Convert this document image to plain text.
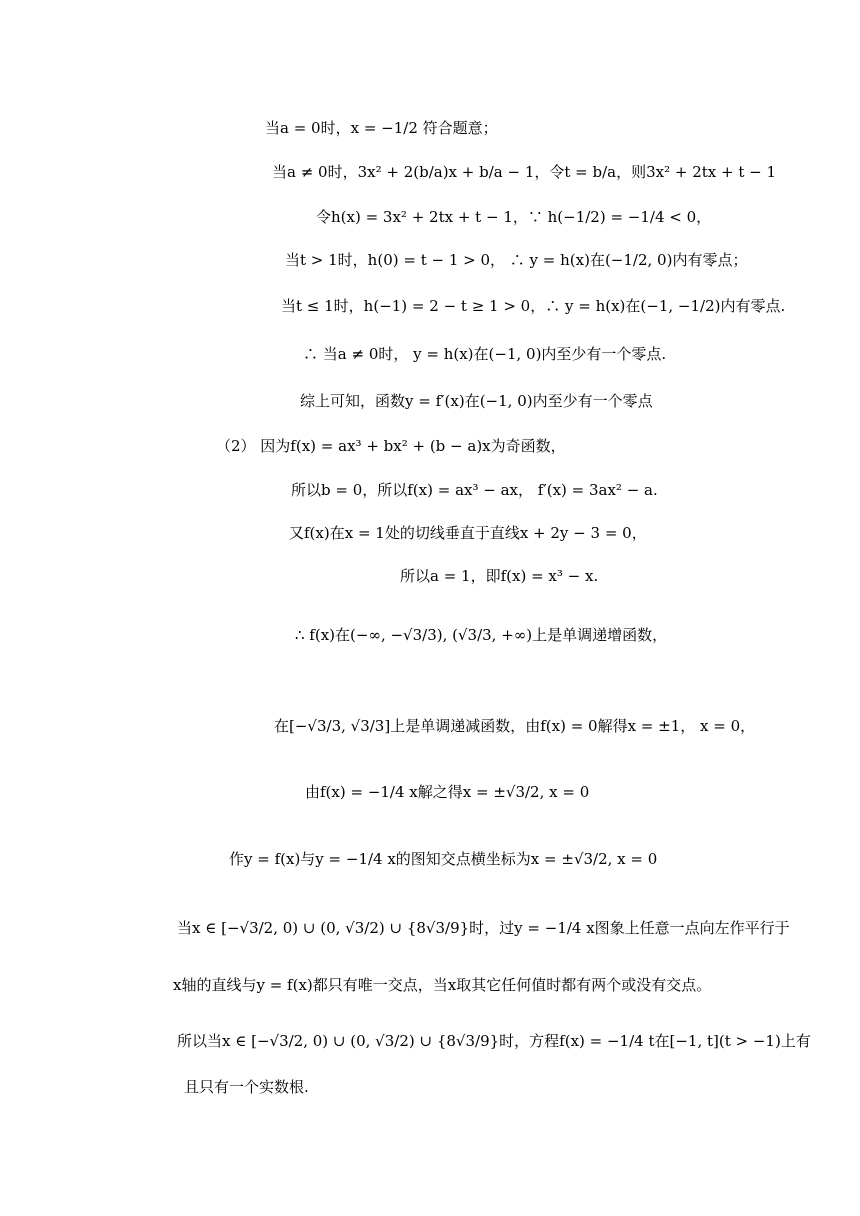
当a = 0时，x = −1/2 符合题意；
当a ≠ 0时，3x² + 2(b/a)x + b/a − 1，令t = b/a，则3x² + 2tx + t − 1
令h(x) = 3x² + 2tx + t − 1，∵ h(−1/2) = −1/4 < 0，
当t > 1时，h(0) = t − 1 > 0， ∴ y = h(x)在(−1/2, 0)内有零点；
当t ≤ 1时，h(−1) = 2 − t ≥ 1 > 0，∴ y = h(x)在(−1, −1/2)内有零点.
∴ 当a ≠ 0时， y = h(x)在(−1, 0)内至少有一个零点.
综上可知，函数y = f′(x)在(−1, 0)内至少有一个零点
（2） 因为f(x) = ax³ + bx² + (b − a)x为奇函数，
所以b = 0，所以f(x) = ax³ − ax， f′(x) = 3ax² − a.
又f(x)在x = 1处的切线垂直于直线x + 2y − 3 = 0，
所以a = 1，即f(x) = x³ − x.
∴ f(x)在(−∞, −√3/3), (√3/3, +∞)上是单调递增函数，
在[−√3/3, √3/3]上是单调递减函数，由f(x) = 0解得x = ±1， x = 0，
由f(x) = −1/4 x解之得x = ±√3/2, x = 0
作y = f(x)与y = −1/4 x的图知交点横坐标为x = ±√3/2, x = 0
当x ∈ [−√3/2, 0) ∪ (0, √3/2) ∪ {8√3/9}时，过y = −1/4 x图象上任意一点向左作平行于
x轴的直线与y = f(x)都只有唯一交点，当x取其它任何值时都有两个或没有交点。
所以当x ∈ [−√3/2, 0) ∪ (0, √3/2) ∪ {8√3/9}时，方程f(x) = −1/4 t在[−1, t](t > −1)上有
且只有一个实数根.
